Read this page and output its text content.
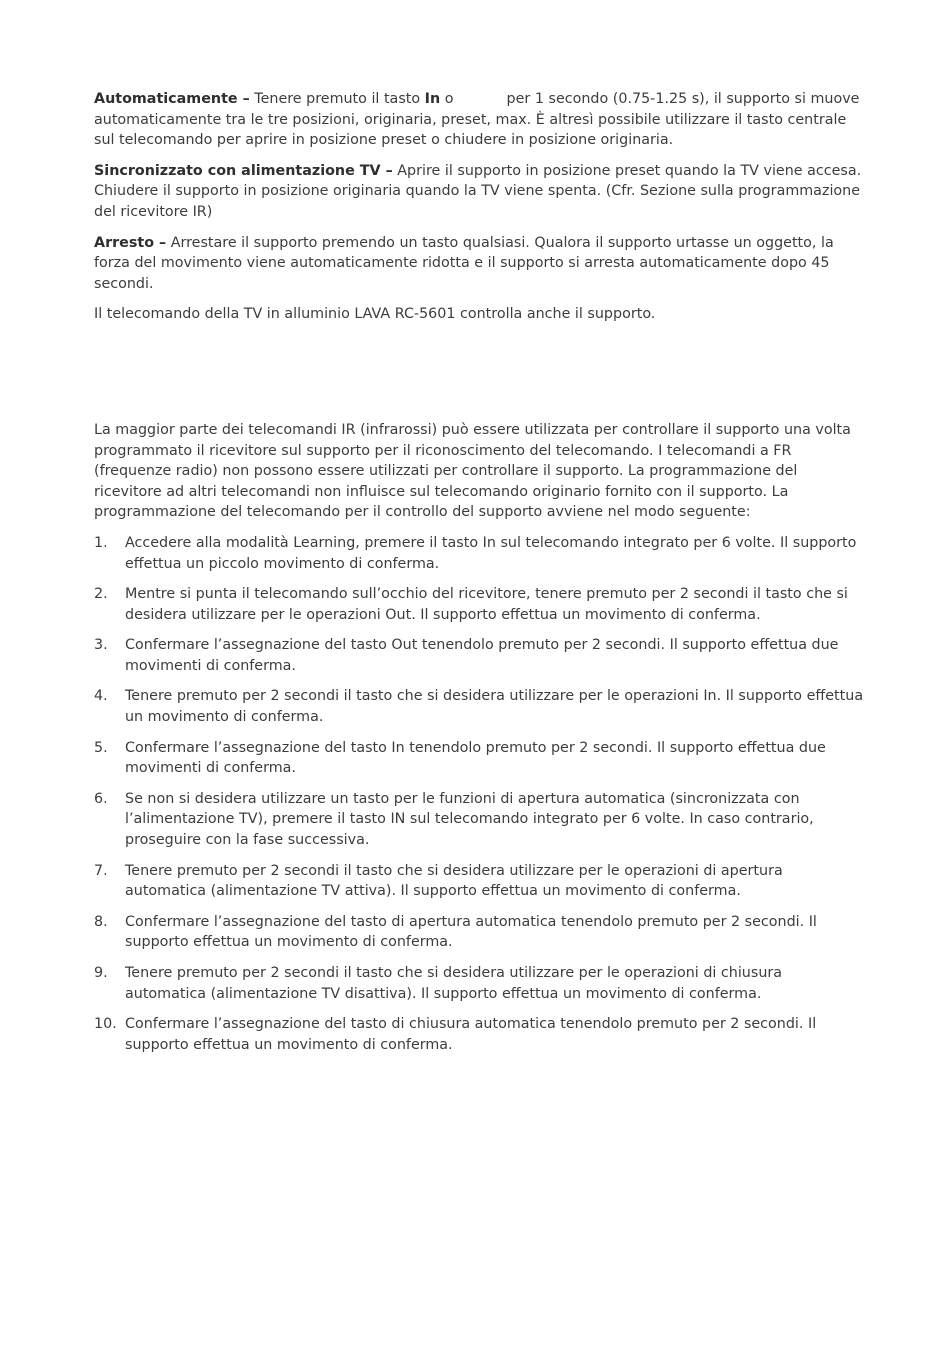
Automaticamente – Tenere premuto il tasto In o	per 1 secondo (0.75-1.25 s), il supporto si muove automaticamente tra le tre posizioni, originaria, preset, max. È altresì possibile utilizzare il tasto centrale sul telecomando per aprire in posizione preset o chiudere in posizione originaria.

Sincronizzato con alimentazione TV – Aprire il supporto in posizione preset quando la TV viene accesa. Chiudere il supporto in posizione originaria quando la TV viene spenta. (Cfr. Sezione sulla programmazione del ricevitore IR)

Arresto – Arrestare il supporto premendo un tasto qualsiasi. Qualora il supporto urtasse un oggetto, la forza del movimento viene automaticamente ridotta e il supporto si arresta automaticamente dopo 45 secondi.

Il telecomando della TV in alluminio LAVA RC-5601 controlla anche il supporto.

La maggior parte dei telecomandi IR (infrarossi) può essere utilizzata per controllare il supporto una volta programmato il ricevitore sul supporto per il riconoscimento del telecomando. I telecomandi a FR (frequenze radio) non possono essere utilizzati per controllare il supporto. La programmazione del ricevitore ad altri telecomandi non influisce sul telecomando originario fornito con il supporto. La programmazione del telecomando per il controllo del supporto avviene nel modo seguente:

1. Accedere alla modalità Learning, premere il tasto In sul telecomando integrato per 6 volte. Il supporto effettua un piccolo movimento di conferma.
2. Mentre si punta il telecomando sull’occhio del ricevitore, tenere premuto per 2 secondi il tasto che si desidera utilizzare per le operazioni Out. Il supporto effettua un movimento di conferma.
3. Confermare l’assegnazione del tasto Out tenendolo premuto per 2 secondi. Il supporto effettua due movimenti di conferma.
4. Tenere premuto per 2 secondi il tasto che si desidera utilizzare per le operazioni In. Il supporto effettua un movimento di conferma.
5. Confermare l’assegnazione del tasto In tenendolo premuto per 2 secondi. Il supporto effettua due movimenti di conferma.
6. Se non si desidera utilizzare un tasto per le funzioni di apertura automatica (sincronizzata con l’alimentazione TV), premere il tasto IN sul telecomando integrato per 6 volte. In caso contrario, proseguire con la fase successiva.
7. Tenere premuto per 2 secondi il tasto che si desidera utilizzare per le operazioni di apertura automatica (alimentazione TV attiva). Il supporto effettua un movimento di conferma.
8. Confermare l’assegnazione del tasto di apertura automatica tenendolo premuto per 2 secondi. Il supporto effettua un movimento di conferma.
9. Tenere premuto per 2 secondi il tasto che si desidera utilizzare per le operazioni di chiusura automatica (alimentazione TV disattiva). Il supporto effettua un movimento di conferma.
10. Confermare l’assegnazione del tasto di chiusura automatica tenendolo premuto per 2 secondi. Il supporto effettua un movimento di conferma.
